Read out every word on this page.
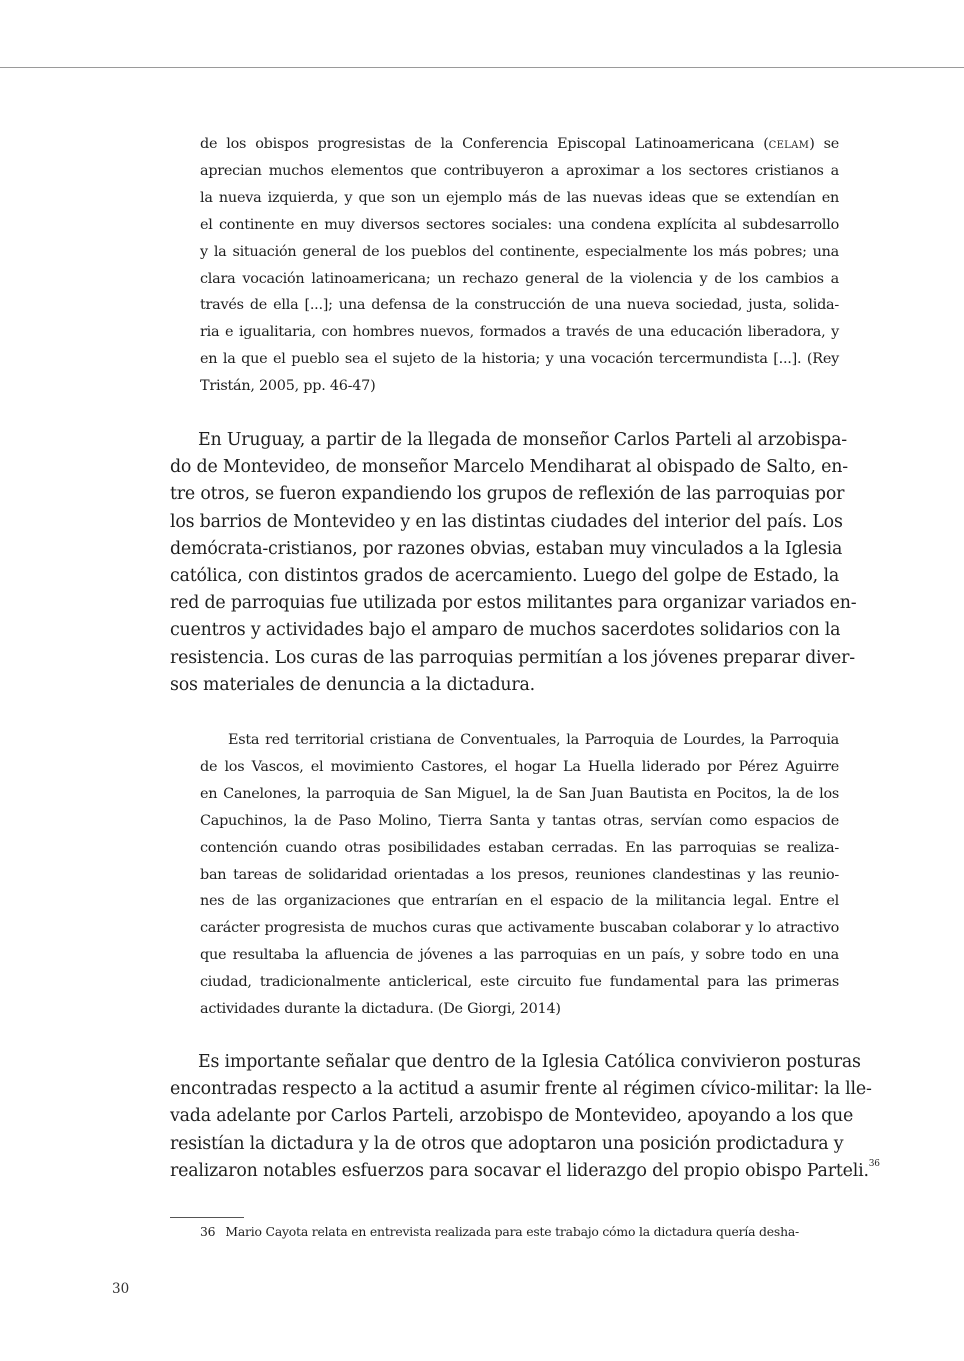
de los obispos progresistas de la Conferencia Episcopal Latinoamericana (celam) se
aprecian muchos elementos que contribuyeron a aproximar a los sectores cristianos a
la nueva izquierda, y que son un ejemplo más de las nuevas ideas que se extendían en
el continente en muy diversos sectores sociales: una condena explícita al subdesarrollo
y la situación general de los pueblos del continente, especialmente los más pobres; una
clara vocación latinoamericana; un rechazo general de la violencia y de los cambios a
través de ella [...]; una defensa de la construcción de una nueva sociedad, justa, solida-
ria e igualitaria, con hombres nuevos, formados a través de una educación liberadora, y
en la que el pueblo sea el sujeto de la historia; y una vocación tercermundista [...]. (Rey
Tristán, 2005, pp. 46-47)
En Uruguay, a partir de la llegada de monseñor Carlos Parteli al arzobispa-
do de Montevideo, de monseñor Marcelo Mendiharat al obispado de Salto, en-
tre otros, se fueron expandiendo los grupos de reflexión de las parroquias por
los barrios de Montevideo y en las distintas ciudades del interior del país. Los
demócrata-cristianos, por razones obvias, estaban muy vinculados a la Iglesia
católica, con distintos grados de acercamiento. Luego del golpe de Estado, la
red de parroquias fue utilizada por estos militantes para organizar variados en-
cuentros y actividades bajo el amparo de muchos sacerdotes solidarios con la
resistencia. Los curas de las parroquias permitían a los jóvenes preparar diver-
sos materiales de denuncia a la dictadura.
Esta red territorial cristiana de Conventuales, la Parroquia de Lourdes, la Parroquia
de los Vascos, el movimiento Castores, el hogar La Huella liderado por Pérez Aguirre
en Canelones, la parroquia de San Miguel, la de San Juan Bautista en Pocitos, la de los
Capuchinos, la de Paso Molino, Tierra Santa y tantas otras, servían como espacios de
contención cuando otras posibilidades estaban cerradas. En las parroquias se realiza-
ban tareas de solidaridad orientadas a los presos, reuniones clandestinas y las reunio-
nes de las organizaciones que entrarían en el espacio de la militancia legal. Entre el
carácter progresista de muchos curas que activamente buscaban colaborar y lo atractivo
que resultaba la afluencia de jóvenes a las parroquias en un país, y sobre todo en una
ciudad, tradicionalmente anticlerical, este circuito fue fundamental para las primeras
actividades durante la dictadura. (De Giorgi, 2014)
Es importante señalar que dentro de la Iglesia Católica convivieron posturas
encontradas respecto a la actitud a asumir frente al régimen cívico-militar: la lle-
vada adelante por Carlos Parteli, arzobispo de Montevideo, apoyando a los que
resistían la dictadura y la de otros que adoptaron una posición prodictadura y
realizaron notables esfuerzos para socavar el liderazgo del propio obispo Parteli.$^{36}$
36 Mario Cayota relata en entrevista realizada para este trabajo cómo la dictadura quería desha-
30
